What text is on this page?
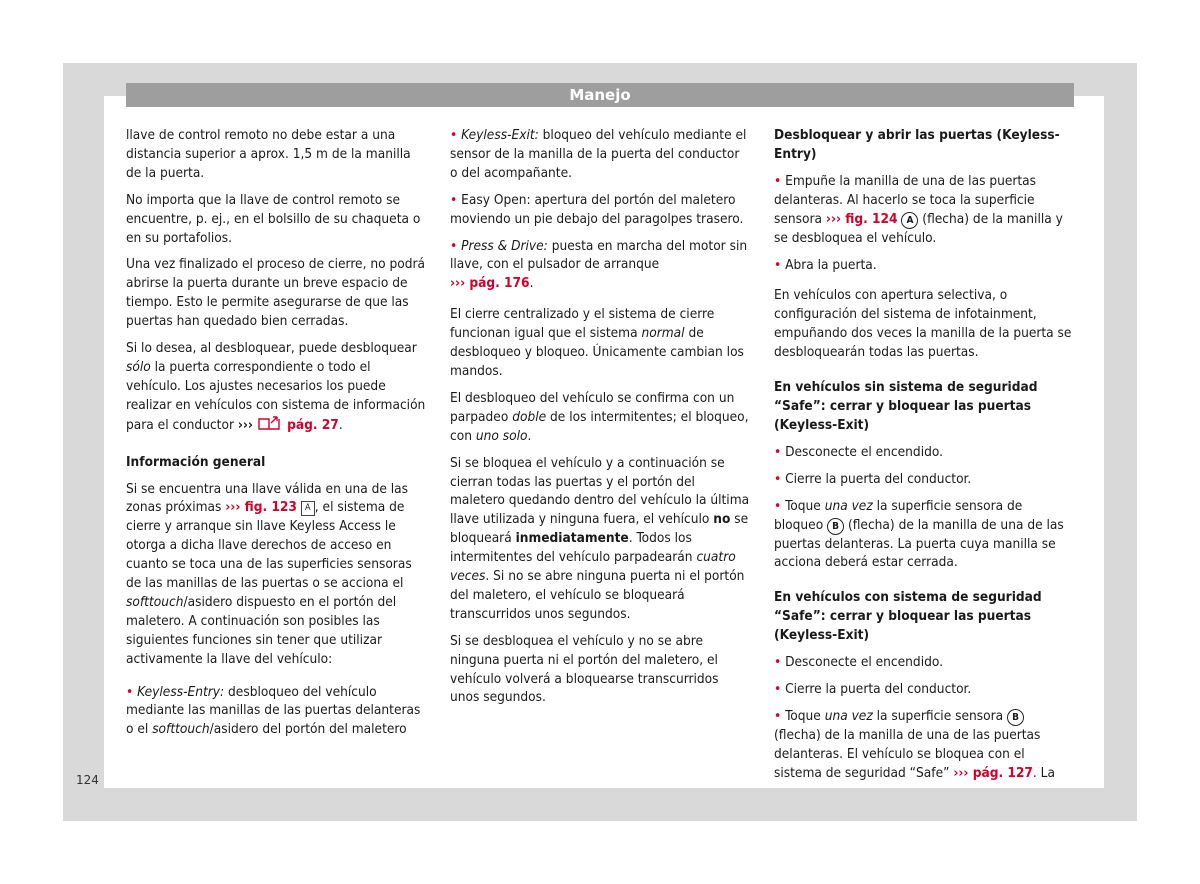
Manejo

llave de control remoto no debe estar a una distancia superior a aprox. 1,5 m de la manilla de la puerta.

No importa que la llave de control remoto se encuentre, p. ej., en el bolsillo de su chaqueta o en su portafolios.

Una vez finalizado el proceso de cierre, no podrá abrirse la puerta durante un breve espacio de tiempo. Esto le permite asegurarse de que las puertas han quedado bien cerradas.

Si lo desea, al desbloquear, puede desbloquear sólo la puerta correspondiente o todo el vehículo. Los ajustes necesarios los puede realizar en vehículos con sistema de información para el conductor ›››  pág. 27.

Información general

Si se encuentra una llave válida en una de las zonas próximas ››› fig. 123 A , el sistema de cierre y arranque sin llave Keyless Access le otorga a dicha llave derechos de acceso en cuanto se toca una de las superficies sensoras de las manillas de las puertas o se acciona el softtouch/asidero dispuesto en el portón del maletero. A continuación son posibles las siguientes funciones sin tener que utilizar activamente la llave del vehículo:

• Keyless-Entry: desbloqueo del vehículo mediante las manillas de las puertas delanteras o el softtouch/asidero del portón del maletero

• Keyless-Exit: bloqueo del vehículo mediante el sensor de la manilla de la puerta del conductor o del acompañante.

• Easy Open: apertura del portón del maletero moviendo un pie debajo del paragolpes trasero.

• Press & Drive: puesta en marcha del motor sin llave, con el pulsador de arranque
››› pág. 176.

El cierre centralizado y el sistema de cierre funcionan igual que el sistema normal de desbloqueo y bloqueo. Únicamente cambian los mandos.

El desbloqueo del vehículo se confirma con un parpadeo doble de los intermitentes; el bloqueo, con uno solo.

Si se bloquea el vehículo y a continuación se cierran todas las puertas y el portón del maletero quedando dentro del vehículo la última llave utilizada y ninguna fuera, el vehículo no se bloqueará inmediatamente. Todos los intermitentes del vehículo parpadearán cuatro veces. Si no se abre ninguna puerta ni el portón del maletero, el vehículo se bloqueará transcurridos unos segundos.

Si se desbloquea el vehículo y no se abre ninguna puerta ni el portón del maletero, el vehículo volverá a bloquearse transcurridos unos segundos.

Desbloquear y abrir las puertas (Keyless-Entry)

• Empuñe la manilla de una de las puertas delanteras. Al hacerlo se toca la superficie sensora ››› fig. 124 A (flecha) de la manilla y se desbloquea el vehículo.

• Abra la puerta.

En vehículos con apertura selectiva, o configuración del sistema de infotainment, empuñando dos veces la manilla de la puerta se desbloquearán todas las puertas.

En vehículos sin sistema de seguridad “Safe”: cerrar y bloquear las puertas (Keyless-Exit)

• Desconecte el encendido.

• Cierre la puerta del conductor.

• Toque una vez la superficie sensora de bloqueo B (flecha) de la manilla de una de las puertas delanteras. La puerta cuya manilla se acciona deberá estar cerrada.

En vehículos con sistema de seguridad “Safe”: cerrar y bloquear las puertas (Keyless-Exit)

• Desconecte el encendido.

• Cierre la puerta del conductor.

• Toque una vez la superficie sensora B (flecha) de la manilla de una de las puertas delanteras. El vehículo se bloquea con el sistema de seguridad “Safe” ››› pág. 127. La

124
